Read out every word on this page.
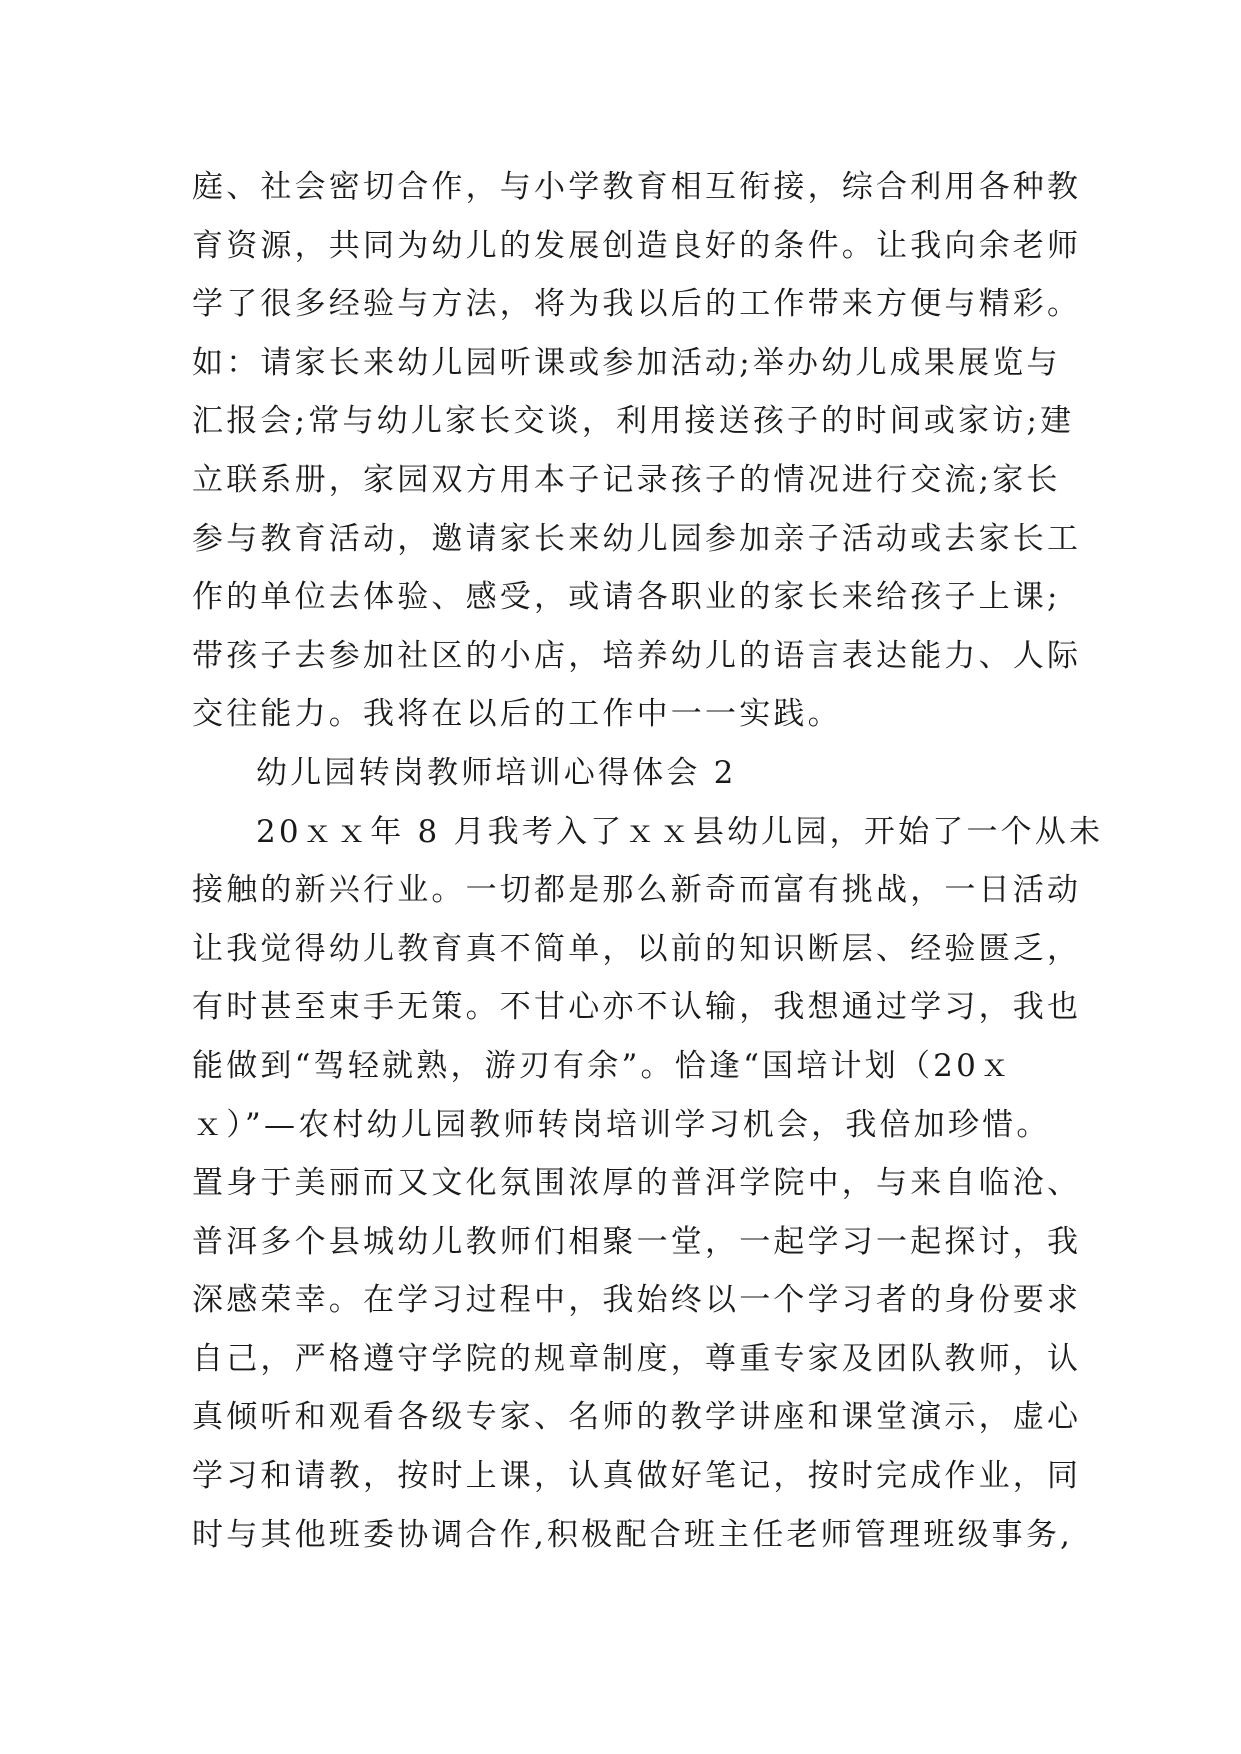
庭、社会密切合作，与小学教育相互衔接，综合利用各种教
育资源，共同为幼儿的发展创造良好的条件。让我向余老师
学了很多经验与方法，将为我以后的工作带来方便与精彩。
如：请家长来幼儿园听课或参加活动;举办幼儿成果展览与
汇报会;常与幼儿家长交谈，利用接送孩子的时间或家访;建
立联系册，家园双方用本子记录孩子的情况进行交流;家长
参与教育活动，邀请家长来幼儿园参加亲子活动或去家长工
作的单位去体验、感受，或请各职业的家长来给孩子上课;
带孩子去参加社区的小店，培养幼儿的语言表达能力、人际
交往能力。我将在以后的工作中一一实践。
幼儿园转岗教师培训心得体会 2
20ｘｘ年 8 月我考入了ｘｘ县幼儿园，开始了一个从未
接触的新兴行业。一切都是那么新奇而富有挑战，一日活动
让我觉得幼儿教育真不简单，以前的知识断层、经验匮乏，
有时甚至束手无策。不甘心亦不认输，我想通过学习，我也
能做到“驾轻就熟，游刃有余”。恰逢“国培计划（20ｘ
ｘ）”—农村幼儿园教师转岗培训学习机会，我倍加珍惜。
置身于美丽而又文化氛围浓厚的普洱学院中，与来自临沧、
普洱多个县城幼儿教师们相聚一堂，一起学习一起探讨，我
深感荣幸。在学习过程中，我始终以一个学习者的身份要求
自己，严格遵守学院的规章制度，尊重专家及团队教师，认
真倾听和观看各级专家、名师的教学讲座和课堂演示，虚心
学习和请教，按时上课，认真做好笔记，按时完成作业，同
时与其他班委协调合作,积极配合班主任老师管理班级事务,
